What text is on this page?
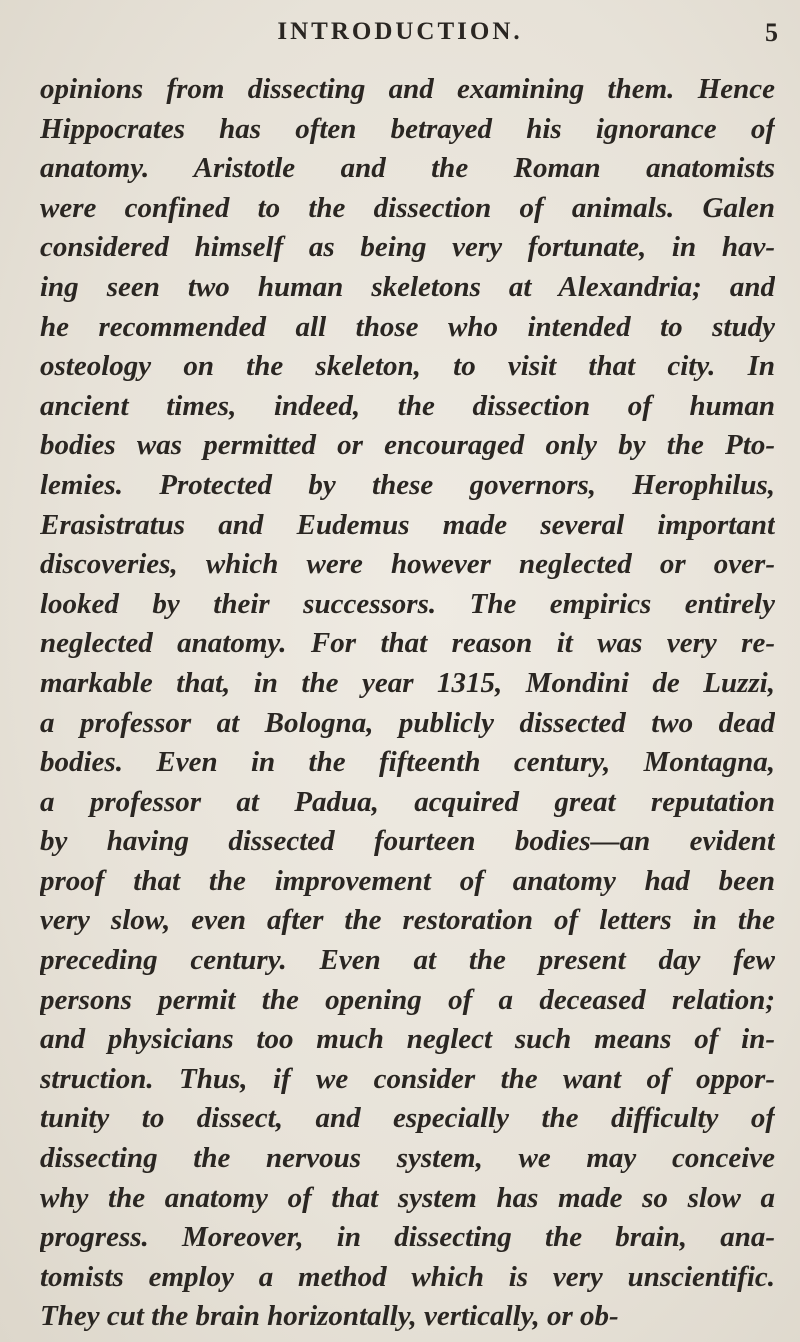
INTRODUCTION.	5
opinions from dissecting and examining them. Hence
Hippocrates has often betrayed his ignorance of
anatomy. Aristotle and the Roman anatomists
were confined to the dissection of animals. Galen
considered himself as being very fortunate, in hav-
ing seen two human skeletons at Alexandria; and
he recommended all those who intended to study
osteology on the skeleton, to visit that city. In
ancient times, indeed, the dissection of human
bodies was permitted or encouraged only by the Pto-
lemies. Protected by these governors, Herophilus,
Erasistratus and Eudemus made several important
discoveries, which were however neglected or over-
looked by their successors. The empirics entirely
neglected anatomy. For that reason it was very re-
markable that, in the year 1315, Mondini de Luzzi,
a professor at Bologna, publicly dissected two dead
bodies. Even in the fifteenth century, Montagna,
a professor at Padua, acquired great reputation
by having dissected fourteen bodies—an evident
proof that the improvement of anatomy had been
very slow, even after the restoration of letters in the
preceding century. Even at the present day few
persons permit the opening of a deceased relation;
and physicians too much neglect such means of in-
struction. Thus, if we consider the want of oppor-
tunity to dissect, and especially the difficulty of
dissecting the nervous system, we may conceive
why the anatomy of that system has made so slow a
progress. Moreover, in dissecting the brain, ana-
tomists employ a method which is very unscientific.
They cut the brain horizontally, vertically, or ob-
